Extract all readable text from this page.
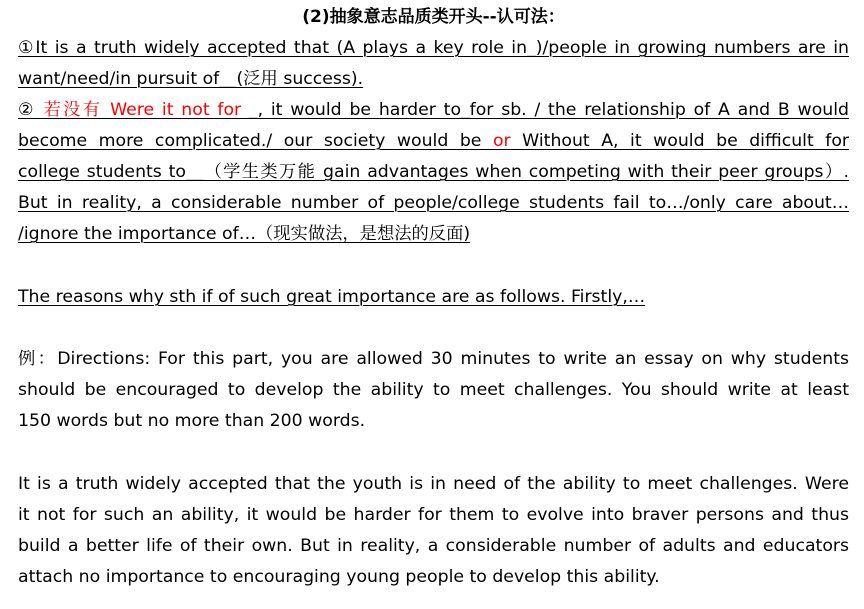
(2)抽象意志品质类开头--认可法：
①It is a truth widely accepted that (A plays a key role in_)/people in growing numbers are in
want/need/in pursuit of__(泛用 success).
② 若没有 Were it not for _, it would be harder to_for sb. / the relationship of A and B would
become more complicated./ our society would be or Without A, it would be difficult for
college students to__（学生类万能 gain advantages when competing with their peer groups）.
But in reality, a considerable number of people/college students fail to…/only care about…
/ignore the importance of…（现实做法，是想法的反面)
The reasons why sth if of such great importance are as follows. Firstly,…
例：Directions: For this part, you are allowed 30 minutes to write an essay on why students
should be encouraged to develop the ability to meet challenges. You should write at least
150 words but no more than 200 words.
It is a truth widely accepted that the youth is in need of the ability to meet challenges. Were
it not for such an ability, it would be harder for them to evolve into braver persons and thus
build a better life of their own. But in reality, a considerable number of adults and educators
attach no importance to encouraging young people to develop this ability.
